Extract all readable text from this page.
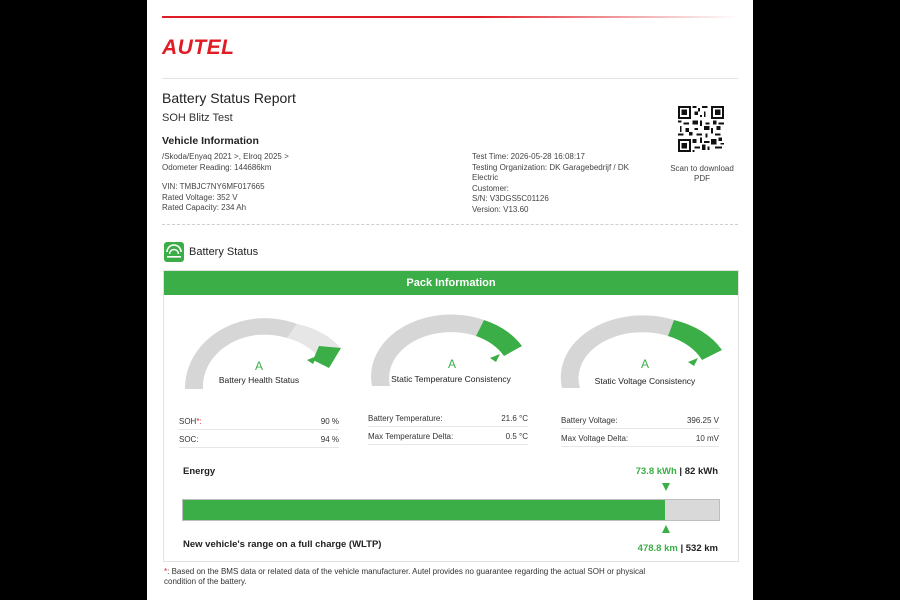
AUTEL
Battery Status Report
SOH Blitz Test
Vehicle Information
/Skoda/Enyaq 2021 >, Elroq 2025 >
Odometer Reading: 144686km
VIN: TMBJC7NY6MF017665
Rated Voltage: 352 V
Rated Capacity: 234 Ah
Test Time: 2026-05-28 16:08:17
Testing Organization: DK Garagebedrijf / DK
Electric
Customer:
S/N: V3DGS5C01126
Version: V13.60
Scan to download
PDF
Battery Status
Pack Information
A
Battery Health Status
A
Static Temperature Consistency
A
Static Voltage Consistency
SOH*:	90 %
SOC:	94 %
Battery Temperature:	21.6 °C
Max Temperature Delta:	0.5 °C
Battery Voltage:	396.25 V
Max Voltage Delta:	10 mV
Energy	73.8 kWh | 82 kWh
New vehicle's range on a full charge (WLTP)	478.8 km | 532 km
*: Based on the BMS data or related data of the vehicle manufacturer. Autel provides no guarantee regarding the actual SOH or physical
condition of the battery.
